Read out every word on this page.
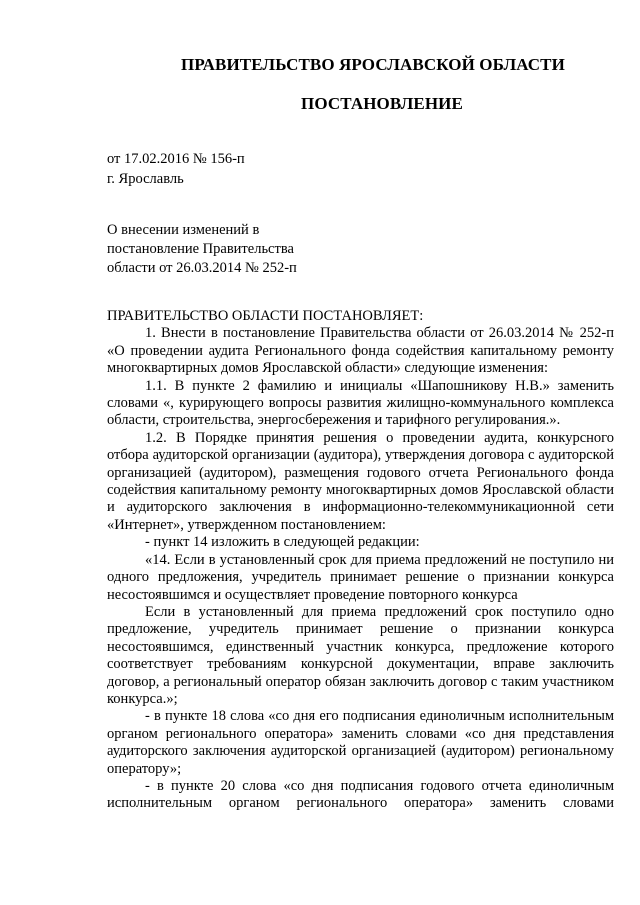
ПРАВИТЕЛЬСТВО ЯРОСЛАВСКОЙ ОБЛАСТИ
ПОСТАНОВЛЕНИЕ
от 17.02.2016 № 156-п
г. Ярославль
О внесении изменений в
постановление Правительства
области от 26.03.2014 № 252-п

ПРАВИТЕЛЬСТВО ОБЛАСТИ ПОСТАНОВЛЯЕТ:

1. Внести в постановление Правительства области от 26.03.2014 № 252-п «О проведении аудита Регионального фонда содействия капитальному ремонту многоквартирных домов Ярославской области» следующие изменения:

1.1. В пункте 2 фамилию и инициалы «Шапошникову Н.В.» заменить словами «, курирующего вопросы развития жилищно-коммунального комплекса области, строительства, энергосбережения и тарифного регулирования.».

1.2. В Порядке принятия решения о проведении аудита, конкурсного отбора аудиторской организации (аудитора), утверждения договора с аудиторской организацией (аудитором), размещения годового отчета Регионального фонда содействия капитальному ремонту многоквартирных домов Ярославской области и аудиторского заключения в информационно-телекоммуникационной сети «Интернет», утвержденном постановлением:

- пункт 14 изложить в следующей редакции:

«14. Если в установленный срок для приема предложений не поступило ни одного предложения, учредитель принимает решение о признании конкурса несостоявшимся и осуществляет проведение повторного конкурса

Если в установленный для приема предложений срок поступило одно предложение, учредитель принимает решение о признании конкурса несостоявшимся, единственный участник конкурса, предложение которого соответствует требованиям конкурсной документации, вправе заключить договор, а региональный оператор обязан заключить договор с таким участником конкурса.»;

- в пункте 18 слова «со дня его подписания единоличным исполнительным органом регионального оператора» заменить словами «со дня представления аудиторского заключения аудиторской организацией (аудитором) региональному оператору»;

- в пункте 20 слова «со дня подписания годового отчета единоличным исполнительным органом регионального оператора» заменить словами
